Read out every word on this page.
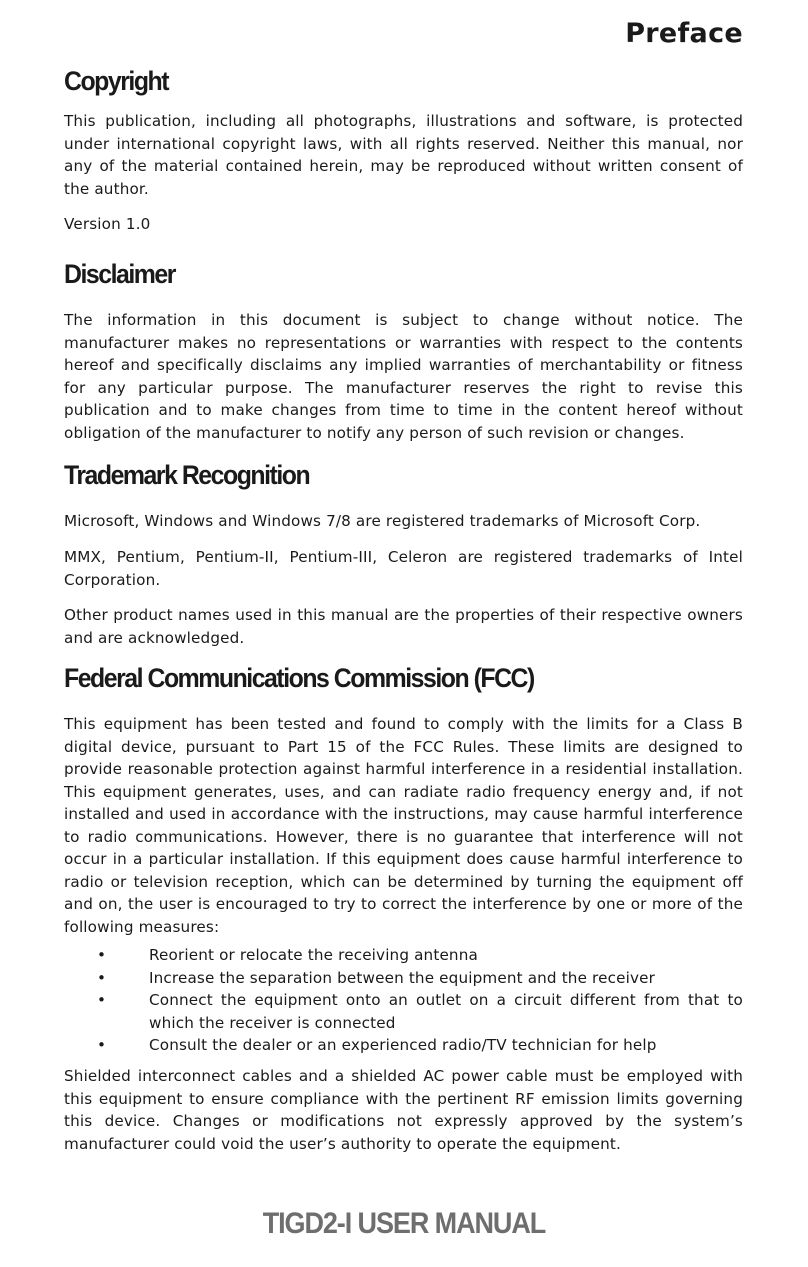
Preface
Copyright

This publication, including all photographs, illustrations and software, is protected under international copyright laws, with all rights reserved. Neither this manual, nor any of the material contained herein, may be reproduced without written consent of the author.

Version 1.0

Disclaimer

The information in this document is subject to change without notice. The manufacturer makes no representations or warranties with respect to the contents hereof and specifically disclaims any implied warranties of merchantability or fitness for any particular purpose. The manufacturer reserves the right to revise this publication and to make changes from time to time in the content hereof without obligation of the manufacturer to notify any person of such revision or changes.

Trademark Recognition

Microsoft, Windows and Windows 7/8 are registered trademarks of Microsoft Corp.

MMX, Pentium, Pentium-II, Pentium-III, Celeron are registered trademarks of Intel Corporation.

Other product names used in this manual are the properties of their respective owners and are acknowledged.

Federal Communications Commission (FCC)

This equipment has been tested and found to comply with the limits for a Class B digital device, pursuant to Part 15 of the FCC Rules. These limits are designed to provide reasonable protection against harmful interference in a residential installation. This equipment generates, uses, and can radiate radio frequency energy and, if not installed and used in accordance with the instructions, may cause harmful interference to radio communications. However, there is no guarantee that interference will not occur in a particular installation. If this equipment does cause harmful interference to radio or television reception, which can be determined by turning the equipment off and on, the user is encouraged to try to correct the interference by one or more of the following measures:

•	Reorient or relocate the receiving antenna
•	Increase the separation between the equipment and the receiver
•	Connect the equipment onto an outlet on a circuit different from that to which the receiver is connected
•	Consult the dealer or an experienced radio/TV technician for help

Shielded interconnect cables and a shielded AC power cable must be employed with this equipment to ensure compliance with the pertinent RF emission limits governing this device. Changes or modifications not expressly approved by the system’s manufacturer could void the user’s authority to operate the equipment.

TIGD2-I USER MANUAL
